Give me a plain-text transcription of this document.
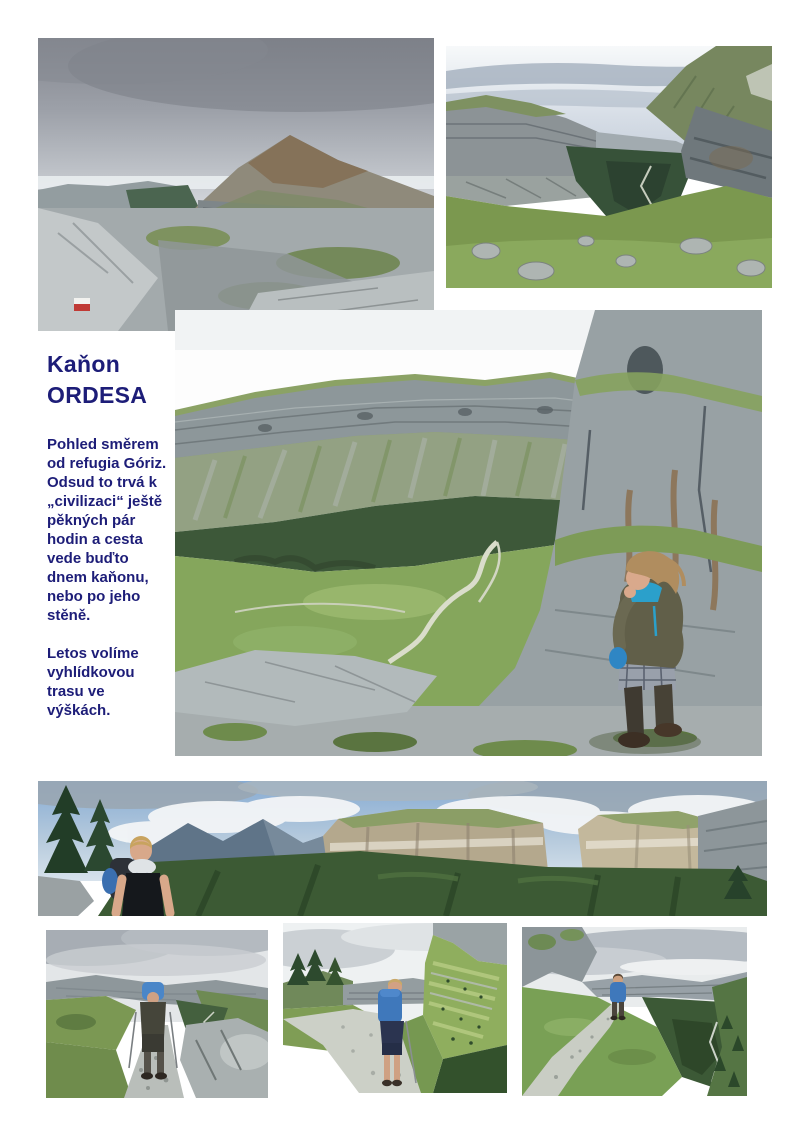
Kaňon
ORDESA

Pohled směrem od refugia Góriz. Odsud to trvá k „civilizaci“ ještě pěkných pár hodin a cesta vede buďto dnem kaňonu, nebo po jeho stěně.

Letos volíme vyhlídkovou trasu ve výškách.
